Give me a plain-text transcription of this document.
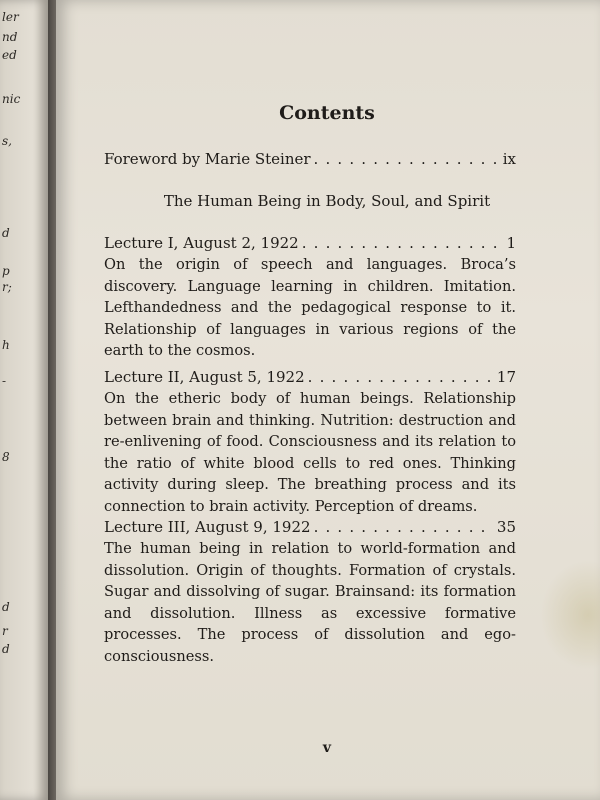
ler
nd
ed
nic
s,
d
p
r;
h
-
8
d
r
d
Contents
Foreword by Marie Steiner . . .	ix
The Human Being in Body, Soul, and Spirit
Lecture I, August 2, 1922 . . .	1

On the origin of speech and languages. Broca’s discovery. Language learning in children. Imitation. Lefthandedness and the pedagogical response to it. Relationship of languages in various regions of the earth to the cosmos.

Lecture II, August 5, 1922 . . .	17

On the etheric body of human beings. Relationship between brain and thinking. Nutrition: destruction and re-enlivening of food. Consciousness and its relation to the ratio of white blood cells to red ones. Thinking activity during sleep. The breathing process and its connection to brain activity. Perception of dreams.

Lecture III, August 9, 1922 . . .	35

The human being in relation to world-formation and dissolution. Origin of thoughts. Formation of crystals. Sugar and dissolving of sugar. Brainsand: its formation and dissolution. Illness as excessive formative processes. The process of dissolution and ego-consciousness.

v
